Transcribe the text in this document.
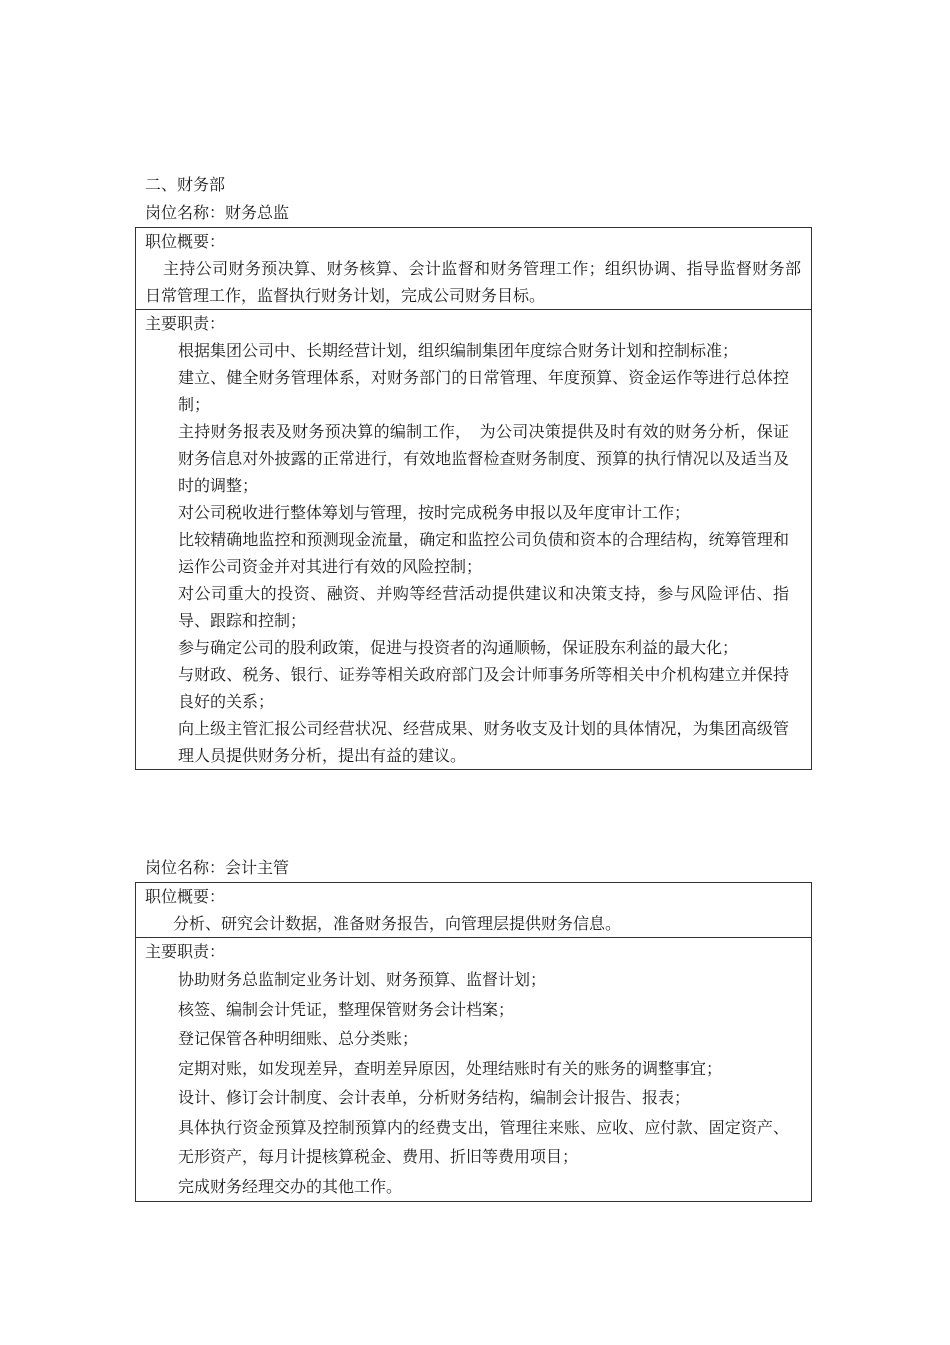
二、财务部
岗位名称：财务总监
职位概要：
主持公司财务预决算、财务核算、会计监督和财务管理工作；组织协调、指导监督财务部日常管理工作，监督执行财务计划，完成公司财务目标。
主要职责：
根据集团公司中、长期经营计划，组织编制集团年度综合财务计划和控制标准；
建立、健全财务管理体系，对财务部门的日常管理、年度预算、资金运作等进行总体控制；
主持财务报表及财务预决算的编制工作，　为公司决策提供及时有效的财务分析，保证财务信息对外披露的正常进行，有效地监督检查财务制度、预算的执行情况以及适当及时的调整；
对公司税收进行整体筹划与管理，按时完成税务申报以及年度审计工作；
比较精确地监控和预测现金流量，确定和监控公司负债和资本的合理结构，统筹管理和运作公司资金并对其进行有效的风险控制；
对公司重大的投资、融资、并购等经营活动提供建议和决策支持，参与风险评估、指导、跟踪和控制；
参与确定公司的股利政策，促进与投资者的沟通顺畅，保证股东利益的最大化；
与财政、税务、银行、证券等相关政府部门及会计师事务所等相关中介机构建立并保持良好的关系；
向上级主管汇报公司经营状况、经营成果、财务收支及计划的具体情况，为集团高级管理人员提供财务分析，提出有益的建议。
岗位名称：会计主管
职位概要：
分析、研究会计数据，准备财务报告，向管理层提供财务信息。
主要职责：
协助财务总监制定业务计划、财务预算、监督计划；
核签、编制会计凭证，整理保管财务会计档案；
登记保管各种明细账、总分类账；
定期对账，如发现差异，查明差异原因，处理结账时有关的账务的调整事宜；
设计、修订会计制度、会计表单，分析财务结构，编制会计报告、报表；
具体执行资金预算及控制预算内的经费支出，管理往来账、应收、应付款、固定资产、无形资产，每月计提核算税金、费用、折旧等费用项目；
完成财务经理交办的其他工作。
